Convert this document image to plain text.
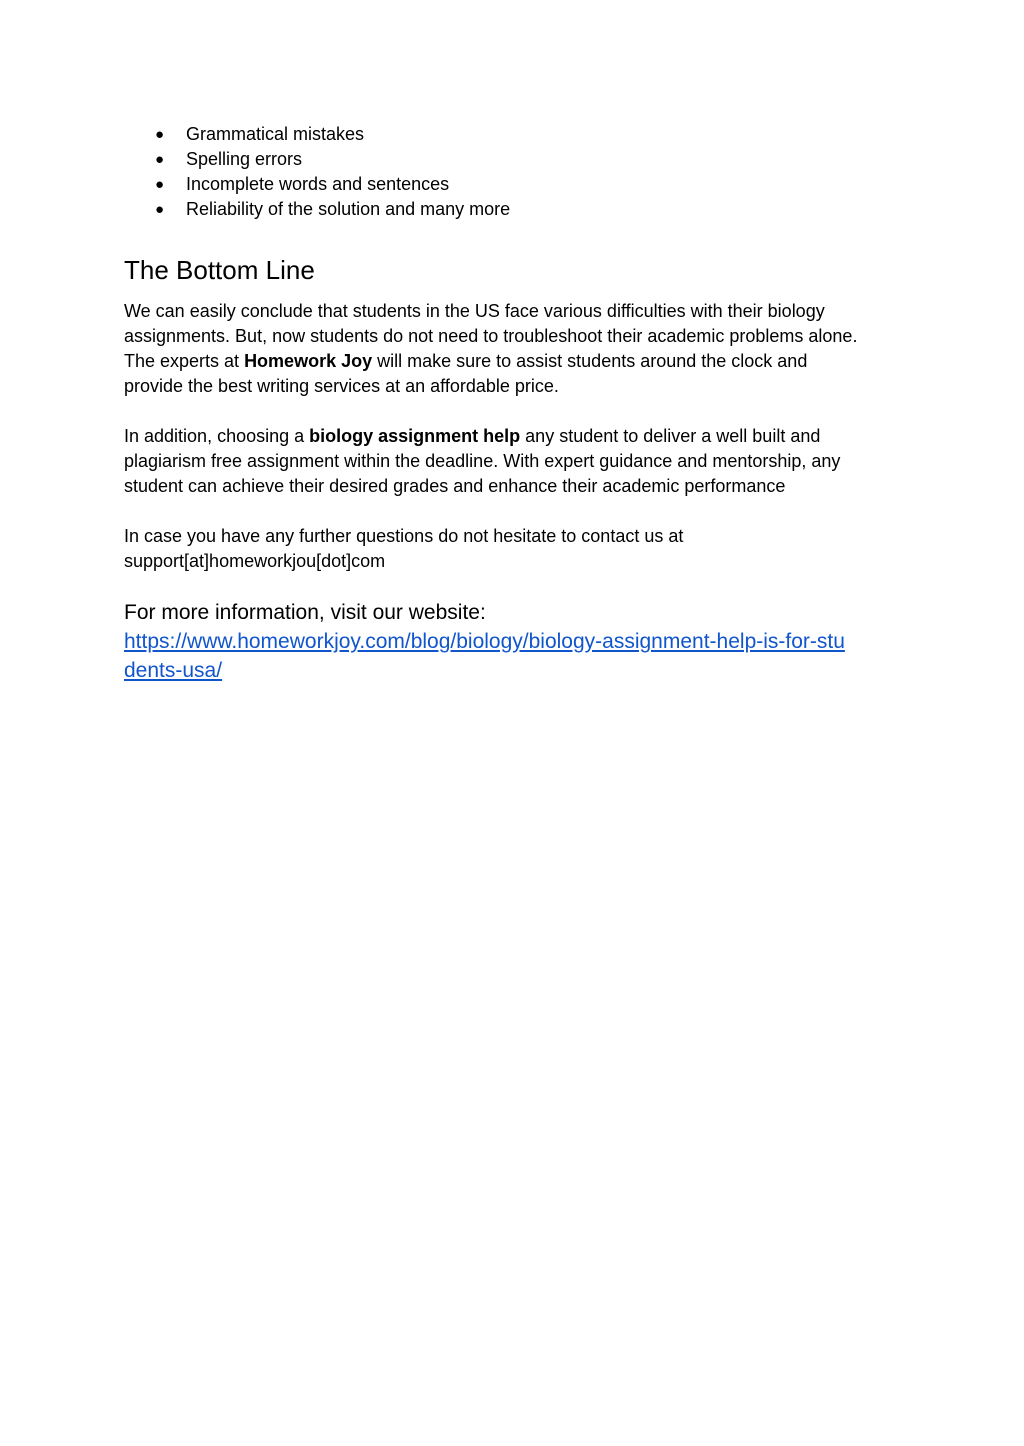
● Grammatical mistakes
● Spelling errors
● Incomplete words and sentences
● Reliability of the solution and many more
The Bottom Line

We can easily conclude that students in the US face various difficulties with their biology
assignments. But, now students do not need to troubleshoot their academic problems alone.
The experts at Homework Joy will make sure to assist students around the clock and
provide the best writing services at an affordable price.

In addition, choosing a biology assignment help any student to deliver a well built and
plagiarism free assignment within the deadline. With expert guidance and mentorship, any
student can achieve their desired grades and enhance their academic performance

In case you have any further questions do not hesitate to contact us at
support[at]homeworkjou[dot]com

For more information, visit our website:
https://www.homeworkjoy.com/blog/biology/biology-assignment-help-is-for-stu
dents-usa/
